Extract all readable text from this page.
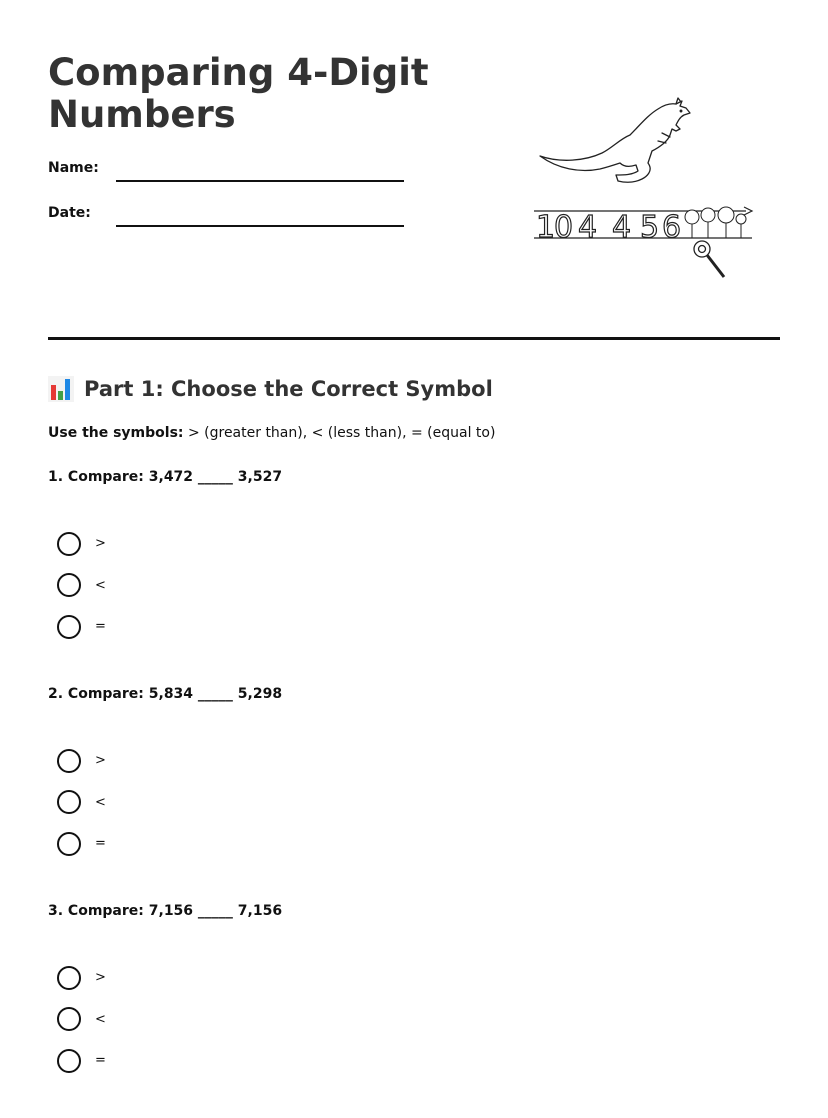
Comparing 4-Digit Numbers
Name:
Date:	1
0 4 4 5 6
Part 1: Choose the Correct Symbol
Use the symbols: > (greater than), < (less than), = (equal to)
1. Compare: 3,472 _____ 3,527
>
<
=
2. Compare: 5,834 _____ 5,298
>
<
=
3. Compare: 7,156 _____ 7,156
>
<
=
